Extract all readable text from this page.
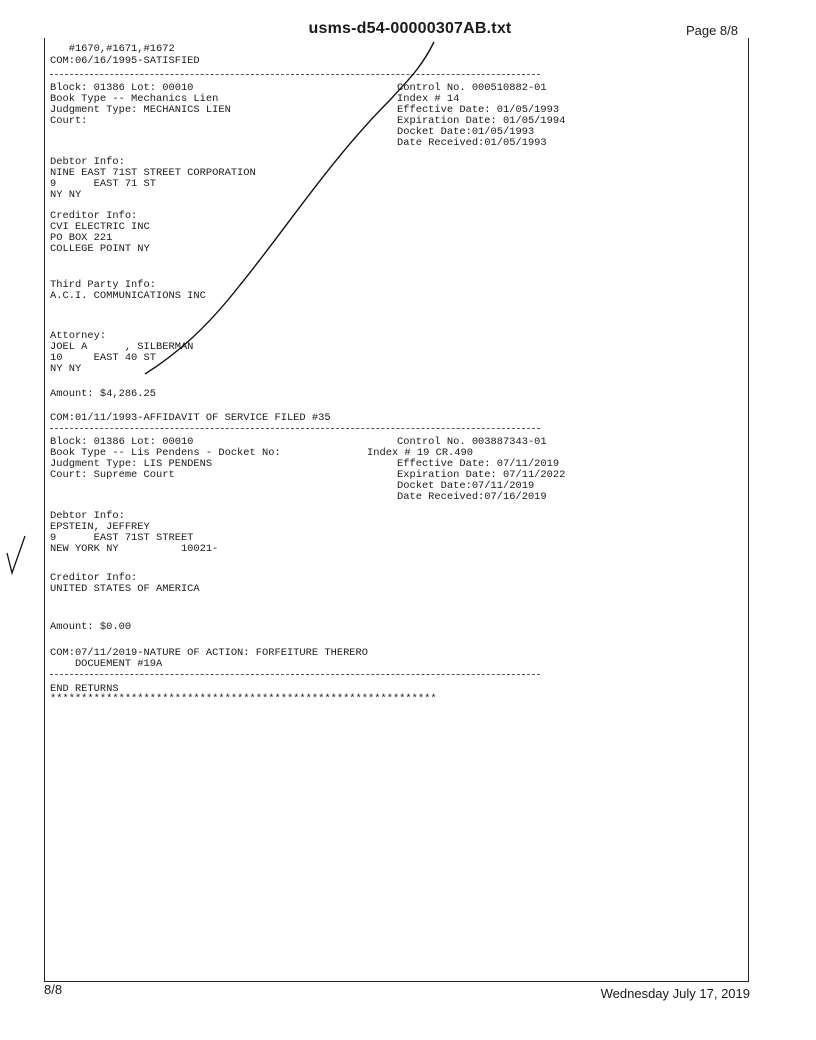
usms-d54-00000307AB.txt	Page 8/8

#1670,#1671,#1672

COM:06/16/1995-SATISFIED

Block: 01386 Lot: 00010

Book Type -- Mechanics Lien

Judgment Type: MECHANICS LIEN

Court:

Control No. 000510882-01

Index # 14

Effective Date: 01/05/1993

Expiration Date: 01/05/1994

Docket Date:01/05/1993

Date Received:01/05/1993

Debtor Info:

NINE EAST 71ST STREET CORPORATION

9      EAST 71 ST

NY NY

Creditor Info:

CVI ELECTRIC INC

PO BOX 221

COLLEGE POINT NY

Third Party Info:

A.C.I. COMMUNICATIONS INC

Attorney:

JOEL A      , SILBERMAN

10     EAST 40 ST

NY NY

Amount: $4,286.25

COM:01/11/1993-AFFIDAVIT OF SERVICE FILED #35

Block: 01386 Lot: 00010

Book Type -- Lis Pendens - Docket No:

Judgment Type: LIS PENDENS

Court: Supreme Court

Control No. 003887343-01

Index # 19 CR.490

Effective Date: 07/11/2019

Expiration Date: 07/11/2022

Docket Date:07/11/2019

Date Received:07/16/2019

Debtor Info:

EPSTEIN, JEFFREY

9      EAST 71ST STREET

NEW YORK NY          10021-

Creditor Info:

UNITED STATES OF AMERICA

Amount: $0.00

COM:07/11/2019-NATURE OF ACTION: FORFEITURE THERERO

DOCUEMENT #19A

END RETURNS

**************************************************************

8/8	Wednesday July 17, 2019
